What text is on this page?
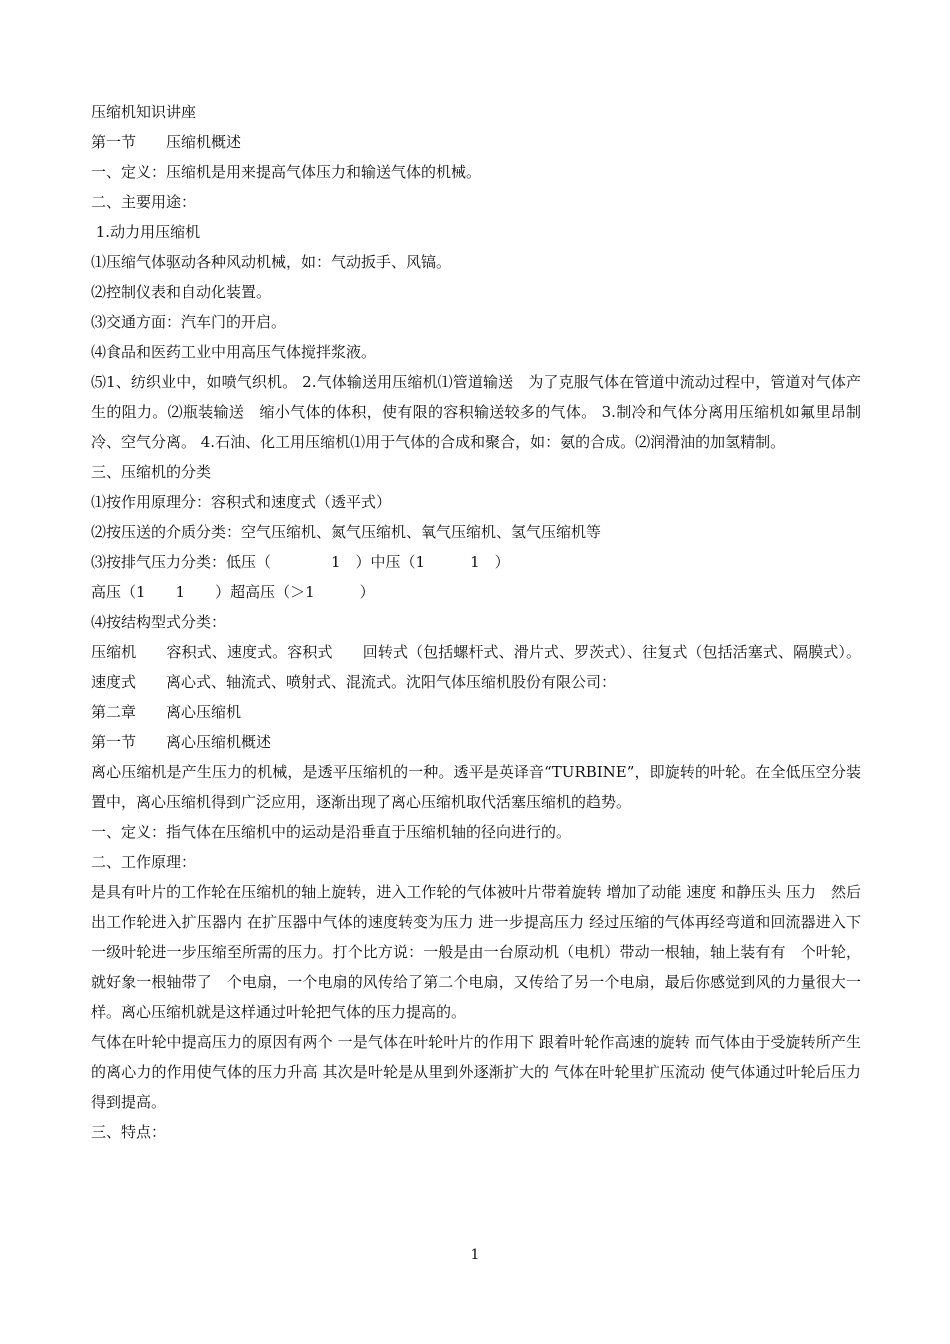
压缩机知识讲座

第一节　　压缩机概述

一、定义：压缩机是用来提高气体压力和输送气体的机械。

二、主要用途：

1.动力用压缩机

⑴压缩气体驱动各种风动机械，如：气动扳手、风镐。

⑵控制仪表和自动化装置。

⑶交通方面：汽车门的开启。

⑷食品和医药工业中用高压气体搅拌浆液。

⑸1、纺织业中，如喷气织机。 2.气体输送用压缩机⑴管道输送　为了克服气体在管道中流动过程中，管道对气体产生的阻力。⑵瓶装输送　缩小气体的体积，使有限的容积输送较多的气体。 3.制冷和气体分离用压缩机如氟里昂制冷、空气分离。 4.石油、化工用压缩机⑴用于气体的合成和聚合，如：氨的合成。⑵润滑油的加氢精制。

三、压缩机的分类

⑴按作用原理分：容积式和速度式（透平式）

⑵按压送的介质分类：空气压缩机、氮气压缩机、氧气压缩机、氢气压缩机等

⑶按排气压力分类：低压（　　　　1　）中压（1　　　1　）

高压（1　　1　　）超高压（＞1　　　）

⑷按结构型式分类：

压缩机　　容积式、速度式。容积式　　回转式（包括螺杆式、滑片式、罗茨式）、往复式（包括活塞式、隔膜式）。速度式　　离心式、轴流式、喷射式、混流式。沈阳气体压缩机股份有限公司：

第二章　　离心压缩机

第一节　　离心压缩机概述

离心压缩机是产生压力的机械，是透平压缩机的一种。透平是英译音“TURBINE”，即旋转的叶轮。在全低压空分装置中，离心压缩机得到广泛应用，逐渐出现了离心压缩机取代活塞压缩机的趋势。

一、定义：指气体在压缩机中的运动是沿垂直于压缩机轴的径向进行的。

二、工作原理：

是具有叶片的工作轮在压缩机的轴上旋转，进入工作轮的气体被叶片带着旋转 增加了动能 速度 和静压头 压力　然后出工作轮进入扩压器内 在扩压器中气体的速度转变为压力 进一步提高压力 经过压缩的气体再经弯道和回流器进入下一级叶轮进一步压缩至所需的压力。打个比方说：一般是由一台原动机（电机）带动一根轴，轴上装有有　个叶轮，就好象一根轴带了　个电扇，一个电扇的风传给了第二个电扇，又传给了另一个电扇，最后你感觉到风的力量很大一样。离心压缩机就是这样通过叶轮把气体的压力提高的。

气体在叶轮中提高压力的原因有两个 一是气体在叶轮叶片的作用下 跟着叶轮作高速的旋转 而气体由于受旋转所产生的离心力的作用使气体的压力升高 其次是叶轮是从里到外逐渐扩大的 气体在叶轮里扩压流动 使气体通过叶轮后压力得到提高。

三、特点：

1
